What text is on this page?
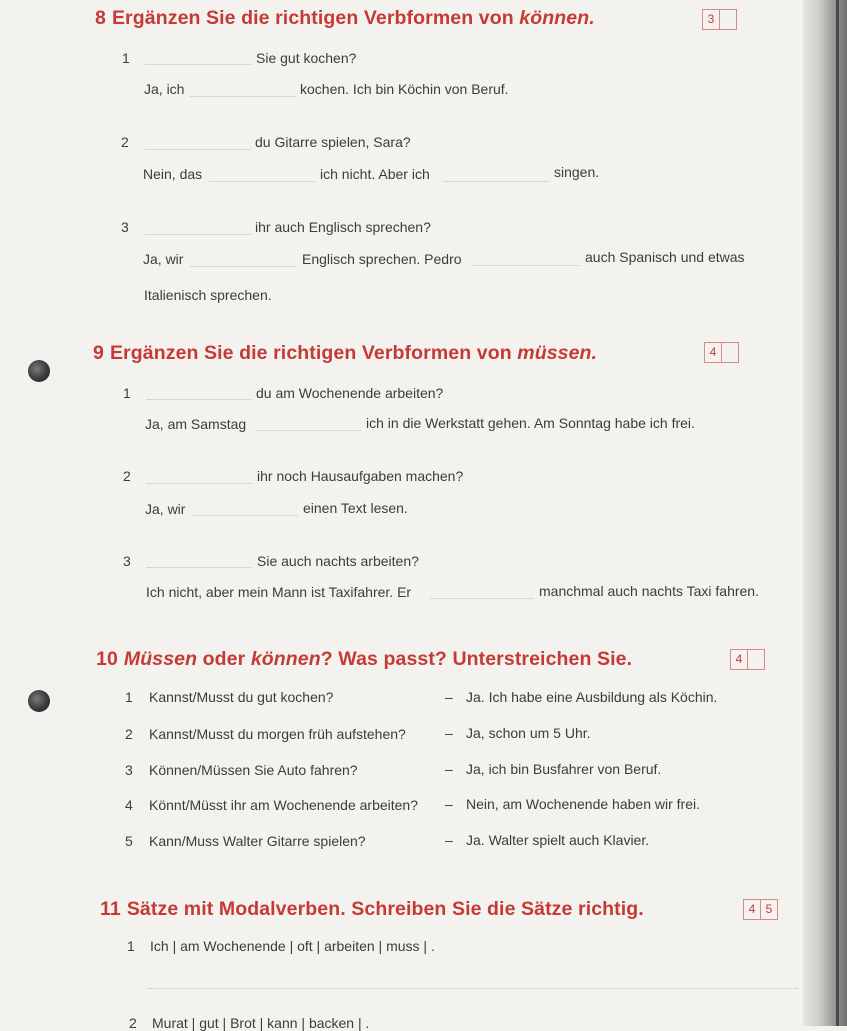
8 Ergänzen Sie die richtigen Verbformen von können.	3
1	Sie gut kochen?
Ja, ich	kochen. Ich bin Köchin von Beruf.
2	du Gitarre spielen, Sara?
Nein, das	ich nicht. Aber ich	singen.
3	ihr auch Englisch sprechen?
Ja, wir	Englisch sprechen. Pedro	auch Spanisch und etwas
Italienisch sprechen.
9 Ergänzen Sie die richtigen Verbformen von müssen.	4
1	du am Wochenende arbeiten?
Ja, am Samstag	ich in die Werkstatt gehen. Am Sonntag habe ich frei.
2	ihr noch Hausaufgaben machen?
Ja, wir	einen Text lesen.
3	Sie auch nachts arbeiten?
Ich nicht, aber mein Mann ist Taxifahrer. Er	manchmal auch nachts Taxi fahren.
10 Müssen oder können? Was passt? Unterstreichen Sie.	4
1 Kannst/Musst du gut kochen?	– Ja. Ich habe eine Ausbildung als Köchin.
2 Kannst/Musst du morgen früh aufstehen?	– Ja, schon um 5 Uhr.
3 Können/Müssen Sie Auto fahren?	– Ja, ich bin Busfahrer von Beruf.
4 Könnt/Müsst ihr am Wochenende arbeiten? – Nein, am Wochenende haben wir frei.
5 Kann/Muss Walter Gitarre spielen?	– Ja. Walter spielt auch Klavier.
11 Sätze mit Modalverben. Schreiben Sie die Sätze richtig.	4 5
1 Ich | am Wochenende | oft | arbeiten | muss | .
2 Murat | gut | Brot | kann | backen | .
